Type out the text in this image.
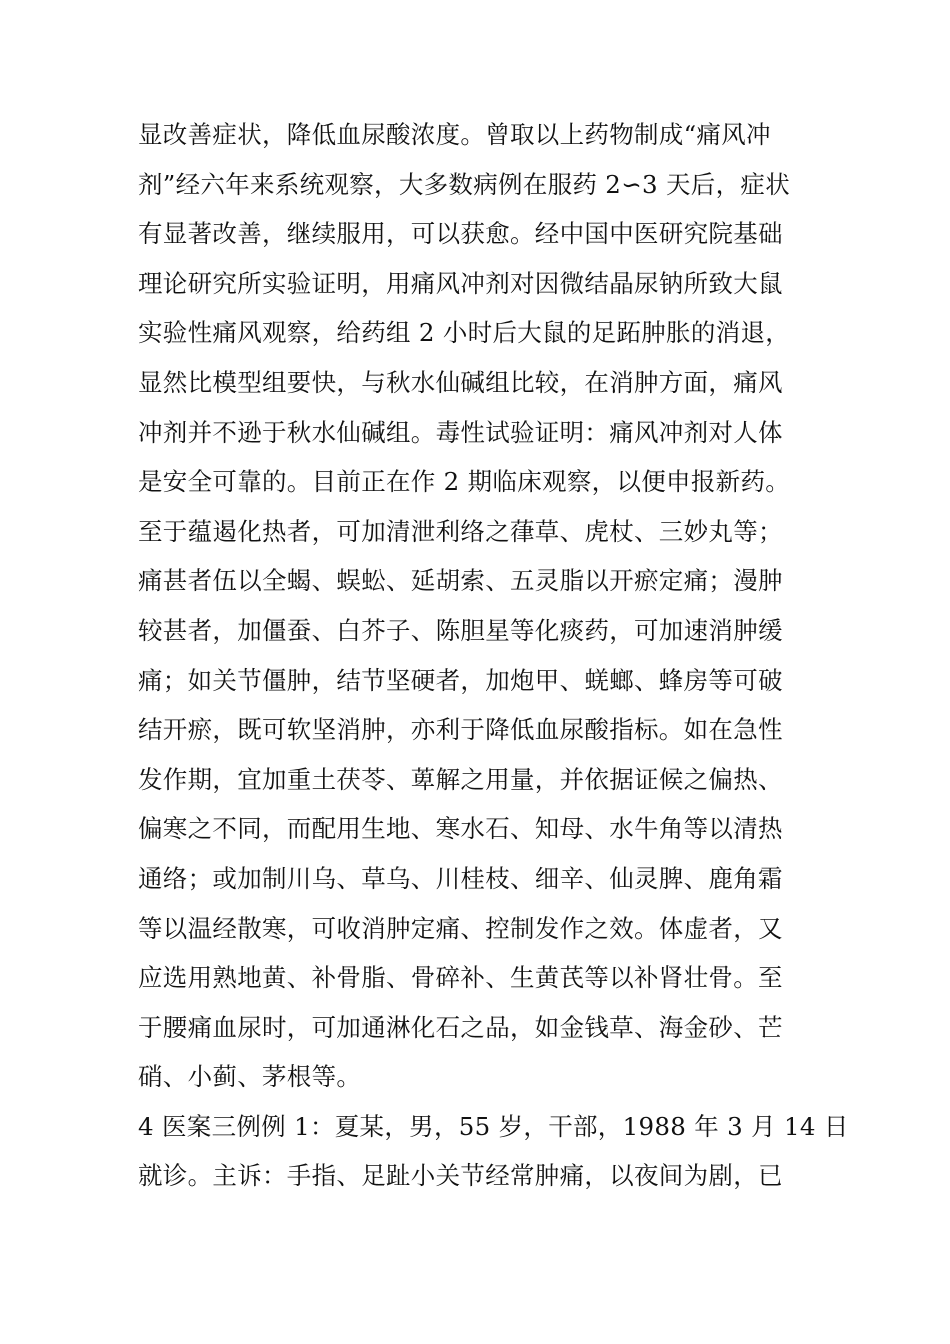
显改善症状，降低血尿酸浓度。曾取以上药物制成“痛风冲
剂”经六年来系统观察，大多数病例在服药 2∽3 天后，症状
有显著改善，继续服用，可以获愈。经中国中医研究院基础
理论研究所实验证明，用痛风冲剂对因微结晶尿钠所致大鼠
实验性痛风观察，给药组 2 小时后大鼠的足跖肿胀的消退，
显然比模型组要快，与秋水仙碱组比较，在消肿方面，痛风
冲剂并不逊于秋水仙碱组。毒性试验证明：痛风冲剂对人体
是安全可靠的。目前正在作 2 期临床观察，以便申报新药。

至于蕴遏化热者，可加清泄利络之葎草、虎杖、三妙丸等；
痛甚者伍以全蝎、蜈蚣、延胡索、五灵脂以开瘀定痛；漫肿
较甚者，加僵蚕、白芥子、陈胆星等化痰药，可加速消肿缓
痛；如关节僵肿，结节坚硬者，加炮甲、蜣螂、蜂房等可破
结开瘀，既可软坚消肿，亦利于降低血尿酸指标。如在急性
发作期，宜加重土茯苓、萆解之用量，并依据证候之偏热、
偏寒之不同，而配用生地、寒水石、知母、水牛角等以清热
通络；或加制川乌、草乌、川桂枝、细辛、仙灵脾、鹿角霜
等以温经散寒，可收消肿定痛、控制发作之效。体虚者，又
应选用熟地黄、补骨脂、骨碎补、生黄芪等以补肾壮骨。至
于腰痛血尿时，可加通淋化石之品，如金钱草、海金砂、芒
硝、小蓟、茅根等。

4 医案三例例 1：夏某，男，55 岁，干部，1988 年 3 月 14 日
就诊。主诉：手指、足趾小关节经常肿痛，以夜间为剧，已
